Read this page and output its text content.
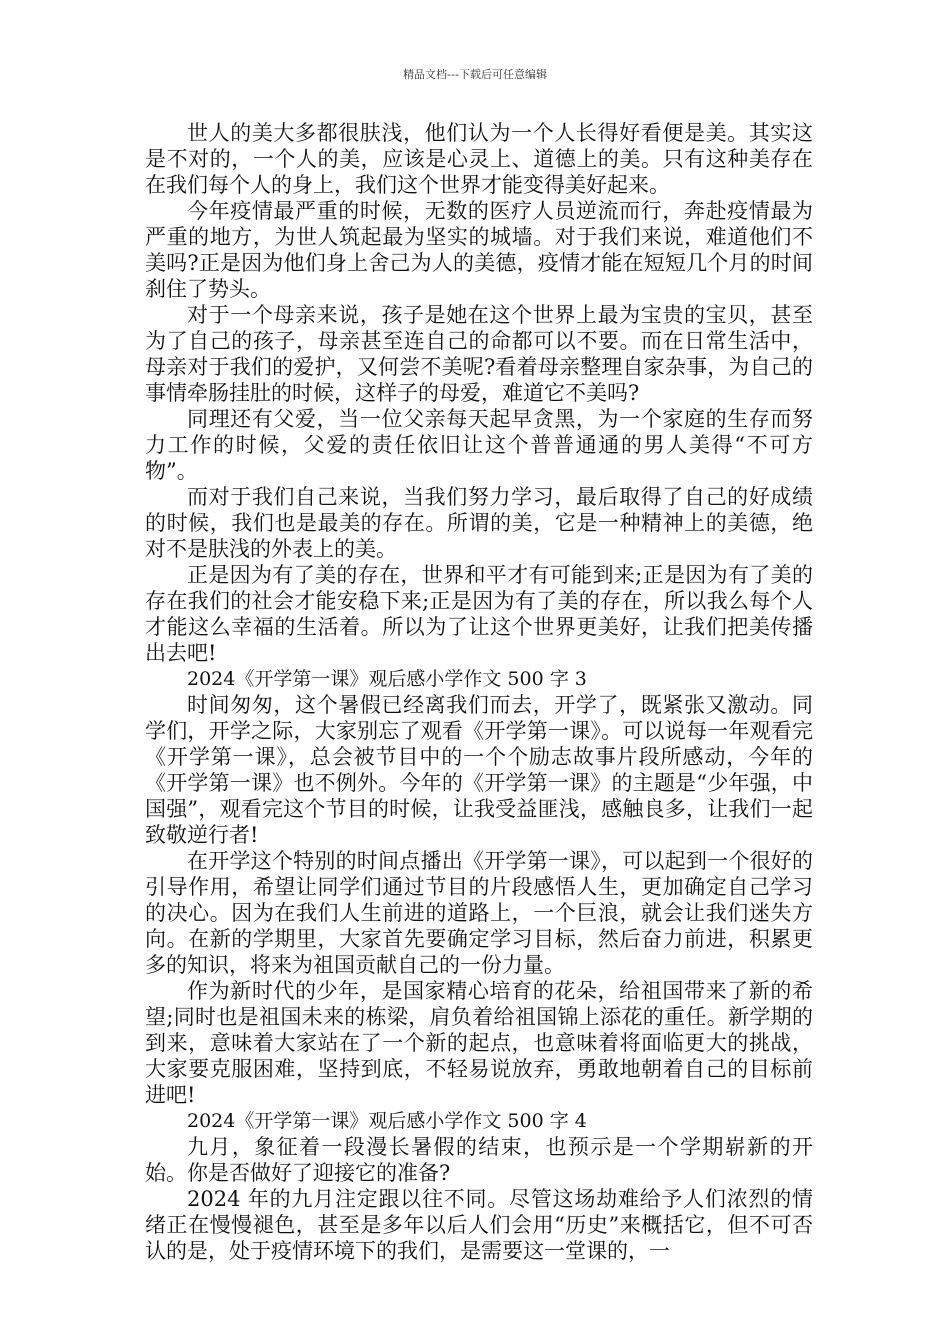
精品文档---下载后可任意编辑

世人的美大多都很肤浅，他们认为一个人长得好看便是美。其实这是不对的，一个人的美，应该是心灵上、道德上的美。只有这种美存在在我们每个人的身上，我们这个世界才能变得美好起来。

今年疫情最严重的时候，无数的医疗人员逆流而行，奔赴疫情最为严重的地方，为世人筑起最为坚实的城墙。对于我们来说，难道他们不美吗?正是因为他们身上舍己为人的美德，疫情才能在短短几个月的时间刹住了势头。

对于一个母亲来说，孩子是她在这个世界上最为宝贵的宝贝，甚至为了自己的孩子，母亲甚至连自己的命都可以不要。而在日常生活中，母亲对于我们的爱护，又何尝不美呢?看着母亲整理自家杂事，为自己的事情牵肠挂肚的时候，这样子的母爱，难道它不美吗?

同理还有父爱，当一位父亲每天起早贪黑，为一个家庭的生存而努力工作的时候，父爱的责任依旧让这个普普通通的男人美得“不可方物”。

而对于我们自己来说，当我们努力学习，最后取得了自己的好成绩的时候，我们也是最美的存在。所谓的美，它是一种精神上的美德，绝对不是肤浅的外表上的美。

正是因为有了美的存在，世界和平才有可能到来;正是因为有了美的存在我们的社会才能安稳下来;正是因为有了美的存在，所以我么每个人才能这么幸福的生活着。所以为了让这个世界更美好，让我们把美传播出去吧!

2024《开学第一课》观后感小学作文 500 字 3

时间匆匆，这个暑假已经离我们而去，开学了，既紧张又激动。同学们，开学之际，大家别忘了观看《开学第一课》。可以说每一年观看完《开学第一课》，总会被节目中的一个个励志故事片段所感动，今年的《开学第一课》也不例外。今年的《开学第一课》的主题是“少年强，中国强”，观看完这个节目的时候，让我受益匪浅，感触良多，让我们一起致敬逆行者!

在开学这个特别的时间点播出《开学第一课》，可以起到一个很好的引导作用，希望让同学们通过节目的片段感悟人生，更加确定自己学习的决心。因为在我们人生前进的道路上，一个巨浪，就会让我们迷失方向。在新的学期里，大家首先要确定学习目标，然后奋力前进，积累更多的知识，将来为祖国贡献自己的一份力量。

作为新时代的少年，是国家精心培育的花朵，给祖国带来了新的希望;同时也是祖国未来的栋梁，肩负着给祖国锦上添花的重任。新学期的到来，意味着大家站在了一个新的起点，也意味着将面临更大的挑战，大家要克服困难，坚持到底，不轻易说放弃，勇敢地朝着自己的目标前进吧!

2024《开学第一课》观后感小学作文 500 字 4

九月，象征着一段漫长暑假的结束，也预示是一个学期崭新的开始。你是否做好了迎接它的准备?

2024 年的九月注定跟以往不同。尽管这场劫难给予人们浓烈的情绪正在慢慢褪色，甚至是多年以后人们会用“历史”来概括它，但不可否认的是，处于疫情环境下的我们，是需要这一堂课的，一
